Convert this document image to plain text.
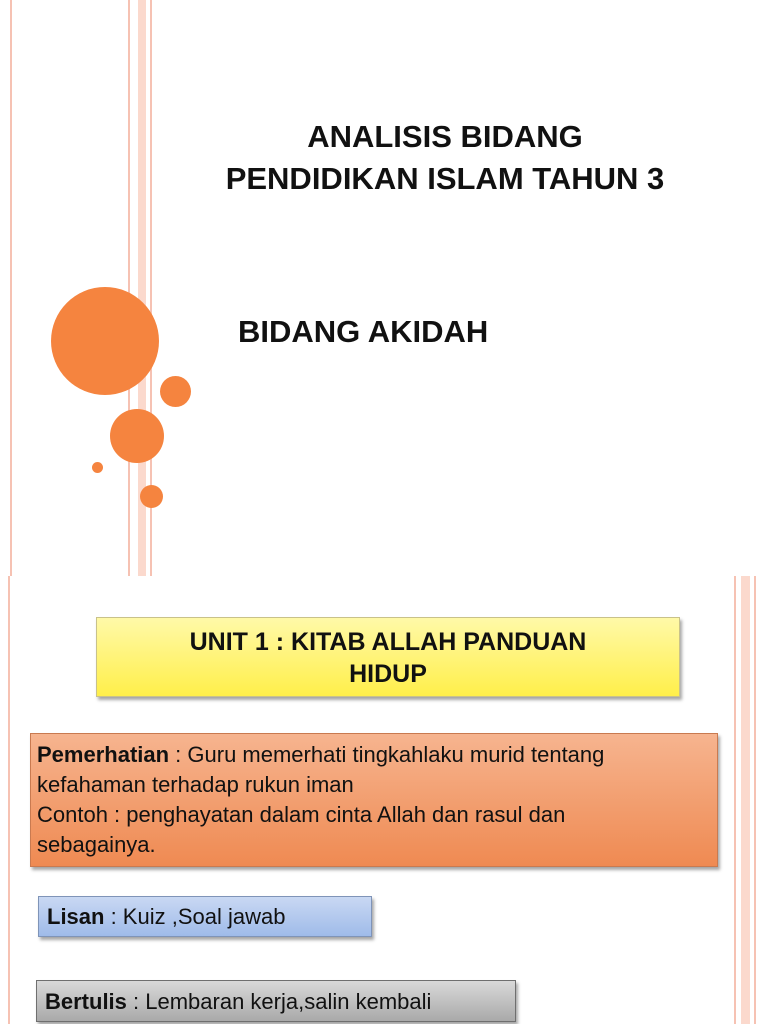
ANALISIS BIDANG
PENDIDIKAN ISLAM TAHUN 3
BIDANG AKIDAH
UNIT 1 : KITAB ALLAH PANDUAN
HIDUP
Pemerhatian : Guru memerhati tingkahlaku murid tentang
kefahaman terhadap rukun iman
Contoh : penghayatan dalam cinta Allah dan rasul dan
sebagainya.
Lisan : Kuiz ,Soal jawab
Bertulis : Lembaran kerja,salin kembali
